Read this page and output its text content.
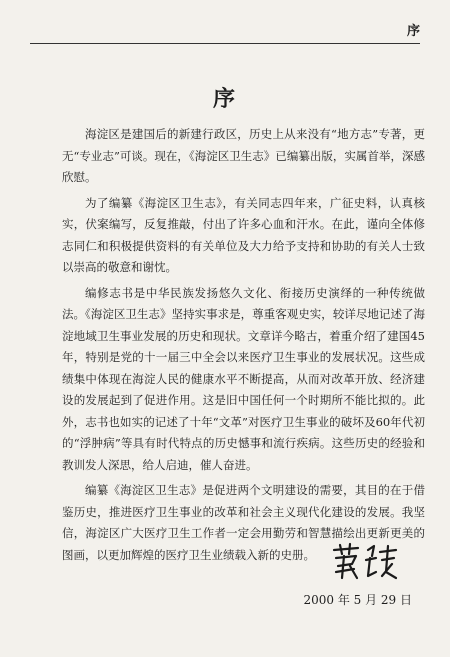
序
序

海淀区是建国后的新建行政区，历史上从来没有“地方志”专著，更无“专业志”可谈。现在，《海淀区卫生志》已编纂出版，实属首举，深感欣慰。

为了编纂《海淀区卫生志》，有关同志四年来，广征史料，认真核实，伏案编写，反复推敲，付出了许多心血和汗水。在此，谨向全体修志同仁和积极提供资料的有关单位及大力给予支持和协助的有关人士致以崇高的敬意和谢忱。

编修志书是中华民族发扬悠久文化、衔接历史演绎的一种传统做法。《海淀区卫生志》坚持实事求是，尊重客观史实，较详尽地记述了海淀地域卫生事业发展的历史和现状。文章详今略古，着重介绍了建国45年，特别是党的十一届三中全会以来医疗卫生事业的发展状况。这些成绩集中体现在海淀人民的健康水平不断提高，从而对改革开放、经济建设的发展起到了促进作用。这是旧中国任何一个时期所不能比拟的。此外，志书也如实的记述了十年“文革”对医疗卫生事业的破坏及60年代初的“浮肿病”等具有时代特点的历史憾事和流行疾病。这些历史的经验和教训发人深思，给人启迪，催人奋进。

编纂《海淀区卫生志》是促进两个文明建设的需要，其目的在于借鉴历史，推进医疗卫生事业的改革和社会主义现代化建设的发展。我坚信，海淀区广大医疗卫生工作者一定会用勤劳和智慧描绘出更新更美的图画，以更加辉煌的医疗卫生业绩载入新的史册。

2000 年 5 月 29 日
